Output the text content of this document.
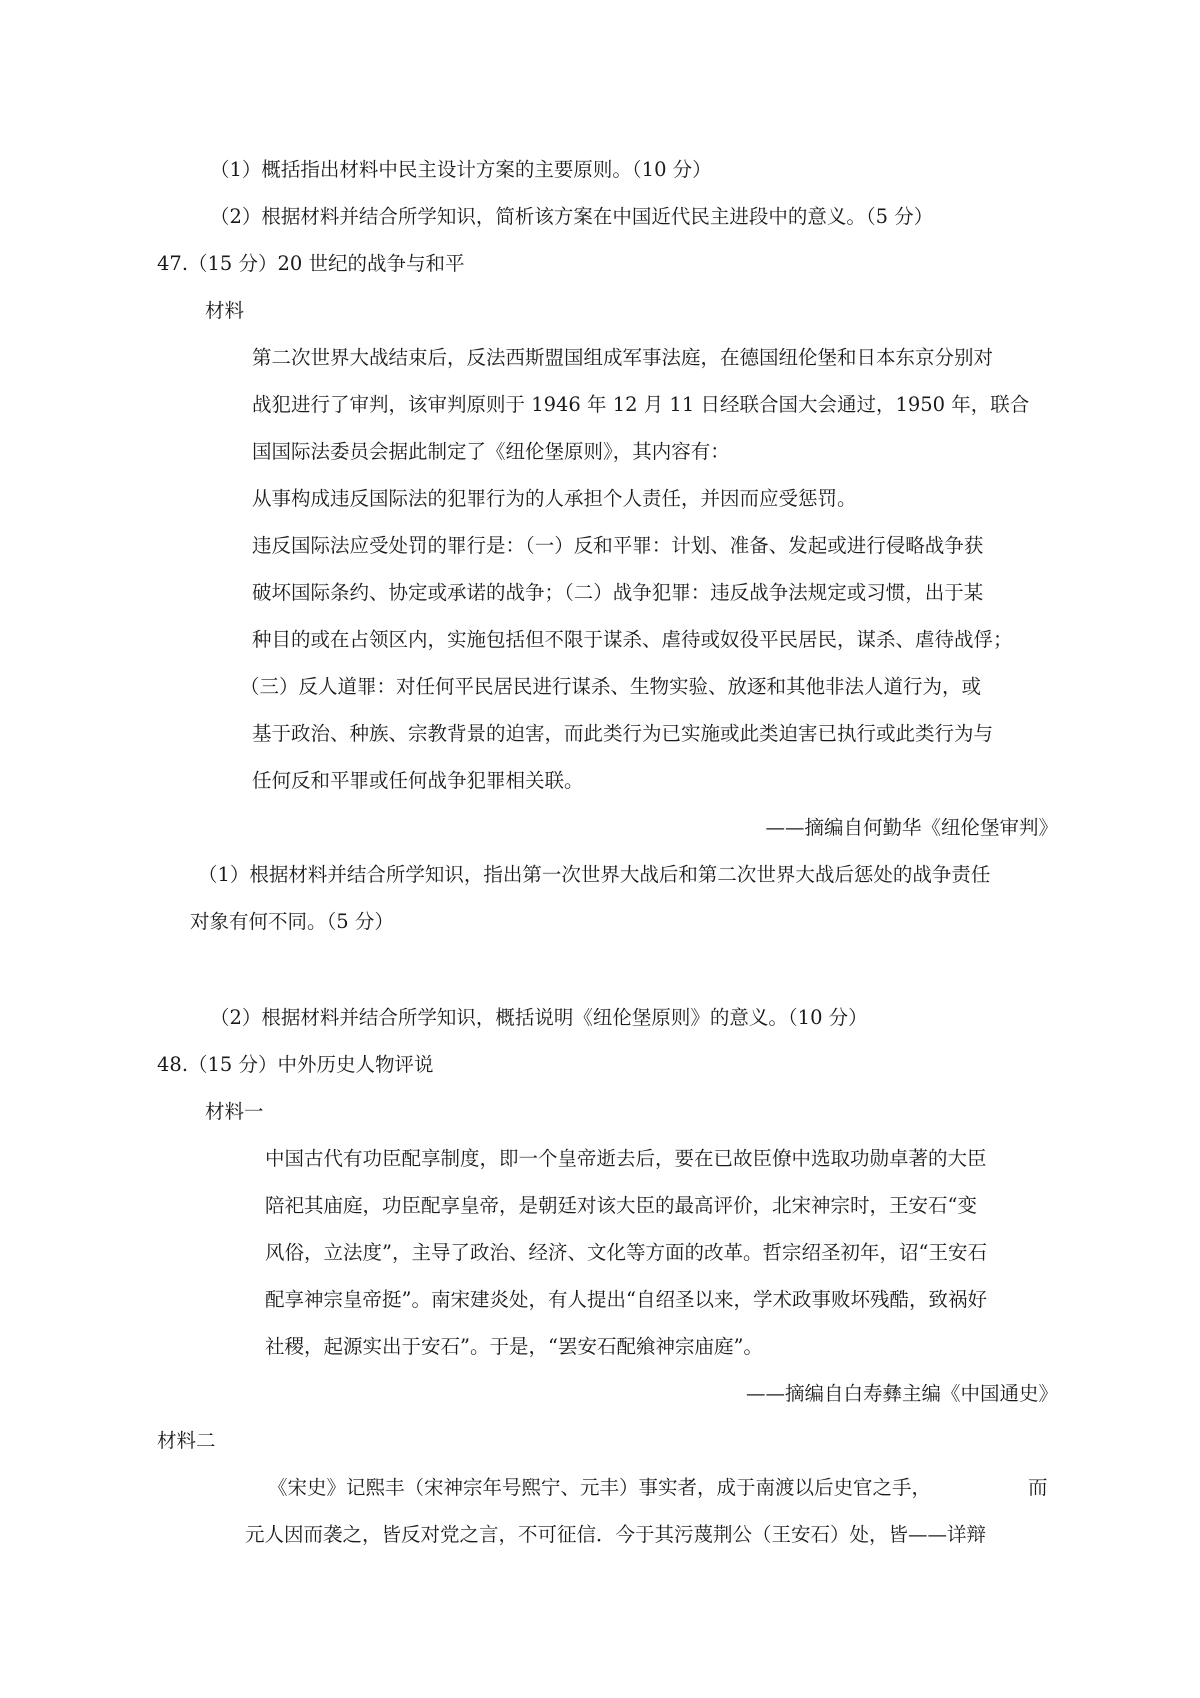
（1）概括指出材料中民主设计方案的主要原则。（10 分）
（2）根据材料并结合所学知识，简析该方案在中国近代民主进段中的意义。（5 分）
47.（15 分）20 世纪的战争与和平
材料
第二次世界大战结束后，反法西斯盟国组成军事法庭，在德国纽伦堡和日本东京分别对
战犯进行了审判，该审判原则于 1946 年 12 月 11 日经联合国大会通过，1950 年，联合
国国际法委员会据此制定了《纽伦堡原则》，其内容有：
从事构成违反国际法的犯罪行为的人承担个人责任，并因而应受惩罚。
违反国际法应受处罚的罪行是：（一）反和平罪：计划、准备、发起或进行侵略战争获
破坏国际条约、协定或承诺的战争；（二）战争犯罪：违反战争法规定或习惯，出于某
种目的或在占领区内，实施包括但不限于谋杀、虐待或奴役平民居民，谋杀、虐待战俘；
（三）反人道罪：对任何平民居民进行谋杀、生物实验、放逐和其他非法人道行为，或
基于政治、种族、宗教背景的迫害，而此类行为已实施或此类迫害已执行或此类行为与
任何反和平罪或任何战争犯罪相关联。
——摘编自何勤华《纽伦堡审判》
（1）根据材料并结合所学知识，指出第一次世界大战后和第二次世界大战后惩处的战争责任
对象有何不同。（5 分）
（2）根据材料并结合所学知识，概括说明《纽伦堡原则》的意义。（10 分）
48.（15 分）中外历史人物评说
材料一
中国古代有功臣配享制度，即一个皇帝逝去后，要在已故臣僚中选取功勋卓著的大臣
陪祀其庙庭，功臣配享皇帝，是朝廷对该大臣的最高评价，北宋神宗时，王安石“变
风俗，立法度”，主导了政治、经济、文化等方面的改革。哲宗绍圣初年，诏“王安石
配享神宗皇帝挺”。南宋建炎处，有人提出“自绍圣以来，学术政事败坏残酷，致祸好
社稷，起源实出于安石”。于是，“罢安石配飨神宗庙庭”。
——摘编自白寿彝主编《中国通史》
材料二
《宋史》记熙丰（宋神宗年号熙宁、元丰）事实者，成于南渡以后史官之手，	而
元人因而袭之，皆反对党之言，不可征信．今于其污蔑荆公（王安石）处，皆——详辩
